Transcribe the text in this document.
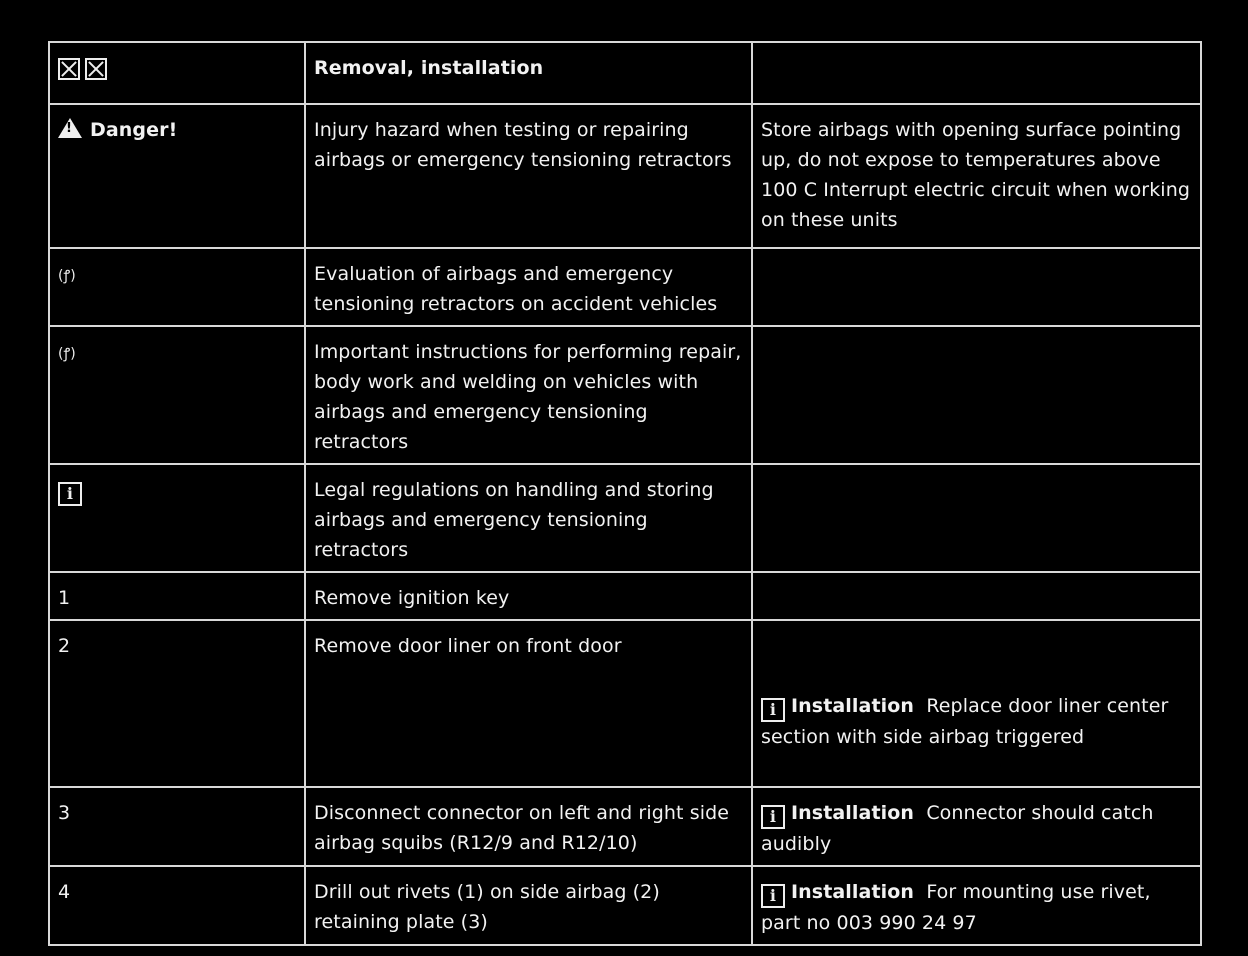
	Removal, installation	
!Danger!	Injury hazard when testing or repairing airbags or emergency tensioning retractors	Store airbags with opening surface pointing up, do not expose to temperatures above 100 C Interrupt electric circuit when working on these units
(ꝭ)	Evaluation of airbags and emergency tensioning retractors on accident vehicles	
(ꝭ)	Important instructions for performing repair, body work and welding on vehicles with airbags and emergency tensioning retractors	
i	Legal regulations on handling and storing airbags and emergency tensioning retractors	
1	Remove ignition key	
2	Remove door liner on front door	i Installation Replace door liner center section with side airbag triggered

3	Disconnect connector on left and right side airbag squibs (R12/9 and R12/10)	i Installation Connector should catch audibly
4	Drill out rivets (1) on side airbag (2) retaining plate (3)	i Installation For mounting use rivet, part no 003 990 24 97
